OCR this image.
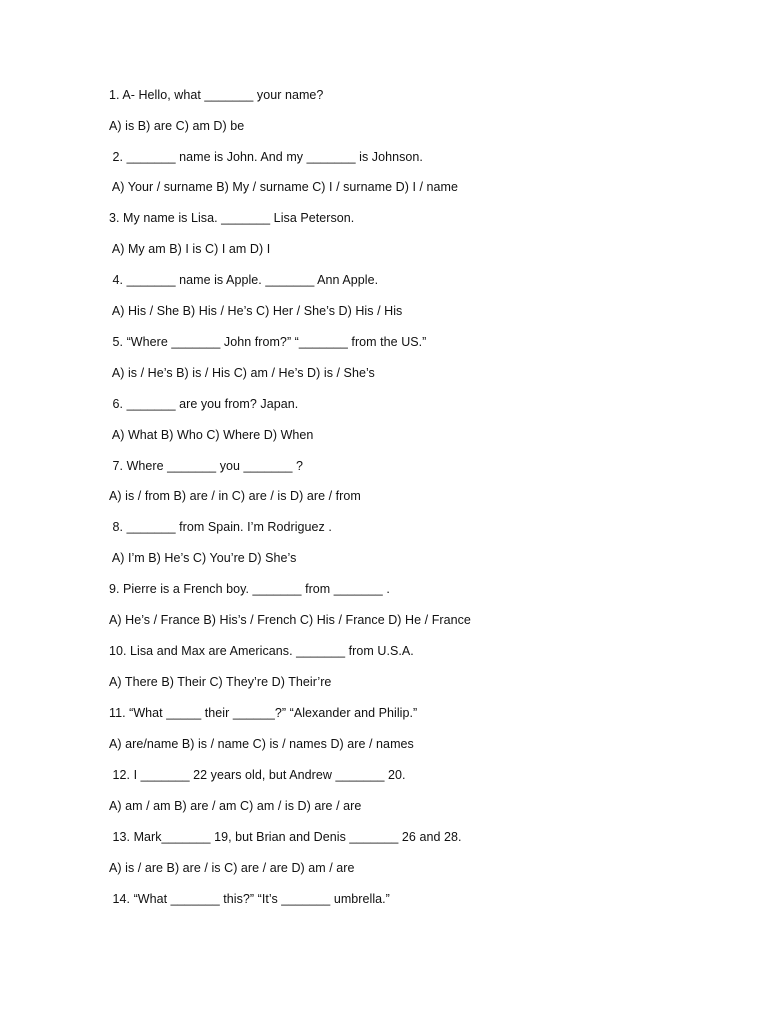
1. A- Hello, what _______ your name?
A) is B) are C) am D) be
2. _______ name is John. And my _______ is Johnson.
A) Your / surname B) My / surname C) I / surname D) I / name
3. My name is Lisa. _______ Lisa Peterson.
A) My am B) I is C) I am D) I
4. _______ name is Apple. _______ Ann Apple.
A) His / She B) His / He’s C) Her / She’s D) His / His
5. “Where _______ John from?” “_______ from the US.”
A) is / He’s B) is / His C) am / He’s D) is / She’s
6. _______ are you from? Japan.
A) What B) Who C) Where D) When
7. Where _______ you _______ ?
A) is / from B) are / in C) are / is D) are / from
8. _______ from Spain. I’m Rodriguez .
A) I’m B) He’s C) You’re D) She’s
9. Pierre is a French boy. _______ from _______ .
A) He’s / France B) His’s / French C) His / France D) He / France
10. Lisa and Max are Americans. _______ from U.S.A.
A) There B) Their C) They’re D) Their’re
11. “What _____ their ______?” “Alexander and Philip.”
A) are/name B) is / name C) is / names D) are / names
12. I _______ 22 years old, but Andrew _______ 20.
A) am / am B) are / am C) am / is D) are / are
13. Mark_______ 19, but Brian and Denis _______ 26 and 28.
A) is / are B) are / is C) are / are D) am / are
14. “What _______ this?” “It’s _______ umbrella.”
